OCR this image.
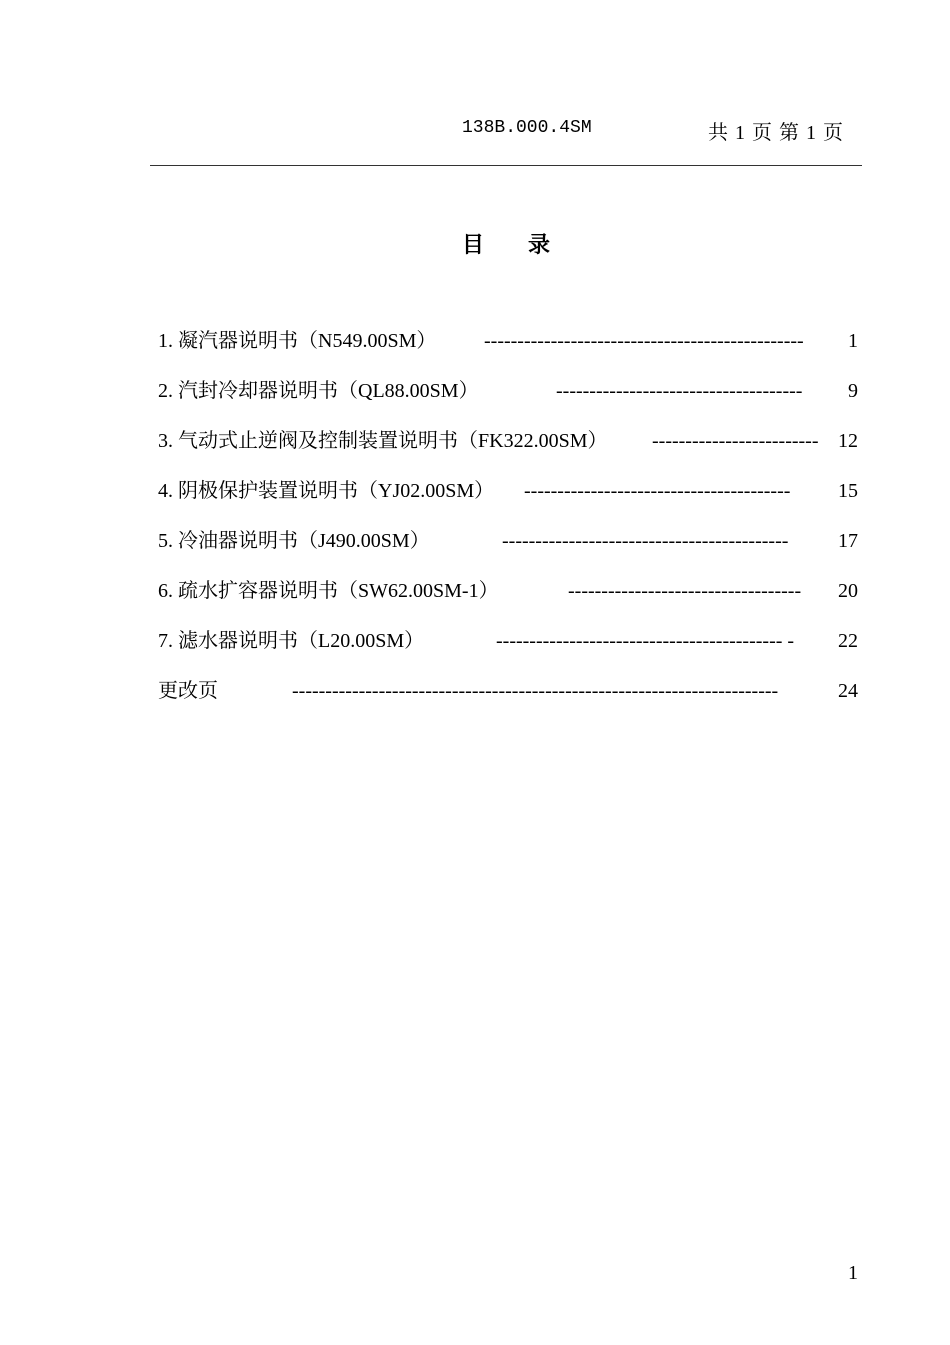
138B.000.4SM	共 1 页 第 1 页
目录
1. 凝汽器说明书（N549.00SM） ------------------------------------------------	1
2. 汽封冷却器说明书（QL88.00SM）	-------------------------------------	9
3. 气动式止逆阀及控制装置说明书（FK322.00SM） ------------------------- 12
4. 阴极保护装置说明书（YJ02.00SM） ----------------------------------------	15
5. 冷油器说明书（J490.00SM）	-------------------------------------------	17
6. 疏水扩容器说明书（SW62.00SM-1）	-----------------------------------	20
7. 滤水器说明书（L20.00SM）	------------------------------------------- -	22
更改页	-------------------------------------------------------------------------	24
1
